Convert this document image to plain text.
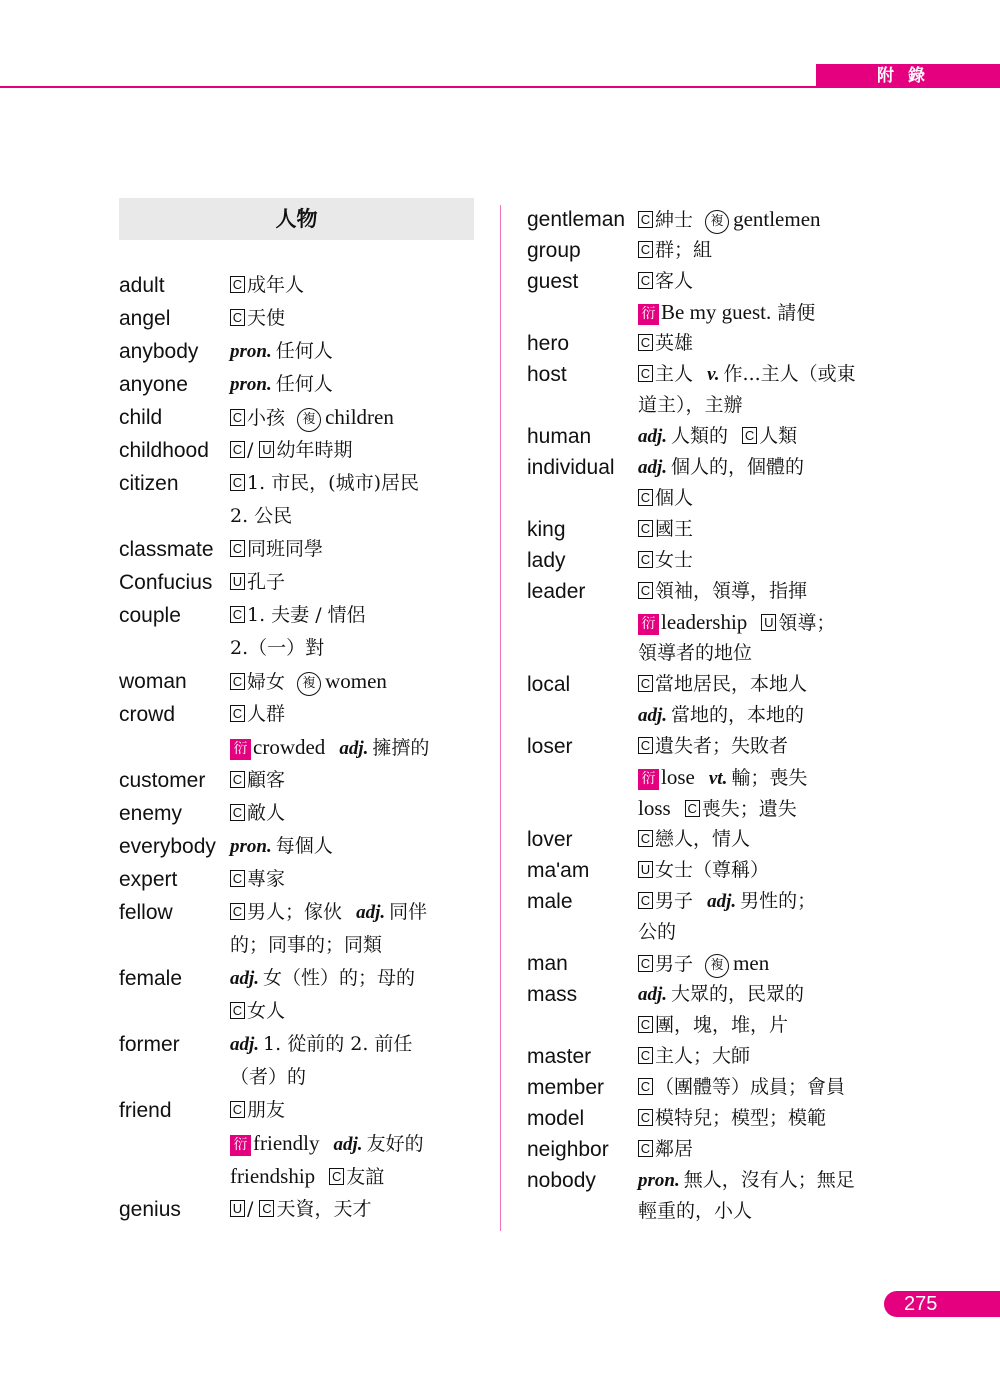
附錄
人物
adult	C 成年人
angel	C 天使
anybody	pron. 任何人
anyone	pron. 任何人
child	C 小孩 複 children
childhood	C / U 幼年時期
citizen	C 1. 市民，(城市)居民
2. 公民
classmate	C 同班同學
Confucius	U 孔子
couple	C 1. 夫妻 / 情侶
2.（一）對
woman	C 婦女 複 women
crowd	C 人群
衍 crowded adj. 擁擠的
customer	C 顧客
enemy	C 敵人
everybody pron. 每個人
expert	C 專家
fellow	C 男人；傢伙 adj. 同伴
的；同事的；同類
female	adj. 女（性）的；母的
C 女人
former	adj. 1. 從前的 2. 前任
（者）的
friend	C 朋友
衍 friendly adj. 友好的
friendship C 友誼
genius	U / C 天資，天才
gentleman	C 紳士 複 gentlemen
group	C 群；組
guest	C 客人
衍 Be my guest. 請便
hero	C 英雄
host	C 主人 v. 作...主人（或東
道主），主辦
human	adj. 人類的 C 人類
individual	adj. 個人的，個體的
C 個人
king	C 國王
lady	C 女士
leader	C 領袖，領導，指揮
衍 leadership U 領導；
領導者的地位
local	C 當地居民，本地人
adj. 當地的，本地的
loser	C 遺失者；失敗者
衍 lose vt. 輸；喪失
loss C 喪失；遺失
lover	C 戀人，情人
ma'am	U 女士（尊稱）
male	C 男子 adj. 男性的；
公的
man	C 男子 複 men
mass	adj. 大眾的，民眾的
C 團，塊，堆，片
master	C 主人；大師
member	C （團體等）成員；會員
model	C 模特兒；模型；模範
neighbor	C 鄰居
nobody	pron. 無人，沒有人；無足
輕重的，小人
275
